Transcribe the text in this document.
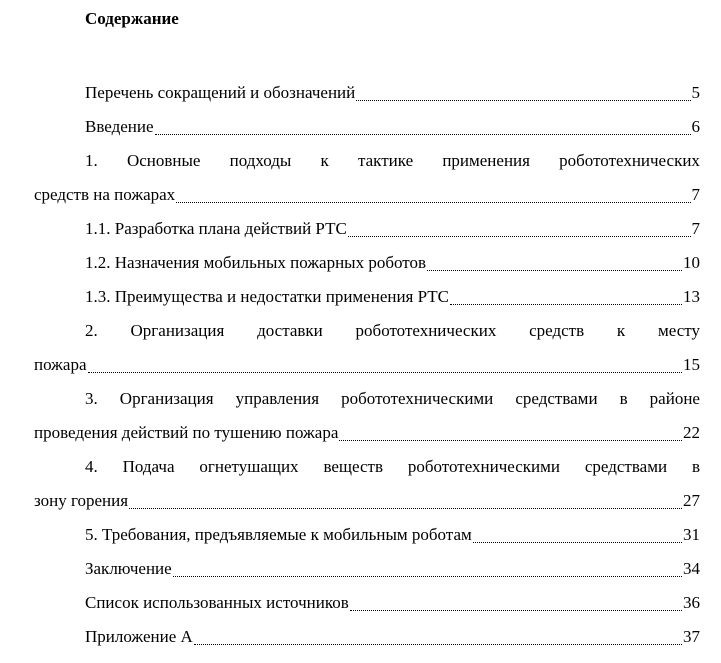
Содержание
Перечень сокращений и обозначений	5
Введение	6
1. Основные подходы к тактике применения робототехнических
средств на пожарах	7
1.1. Разработка плана действий РТС	7
1.2. Назначения мобильных пожарных роботов	10
1.3. Преимущества и недостатки применения РТС	13
2. Организация доставки робототехнических средств к месту
пожара	15
3. Организация управления робототехническими средствами в районе
проведения действий по тушению пожара	22
4. Подача огнетушащих веществ робототехническими средствами в
зону горения	27
5. Требования, предъявляемые к мобильным роботам	31
Заключение	34
Список использованных источников	36
Приложение А	37
